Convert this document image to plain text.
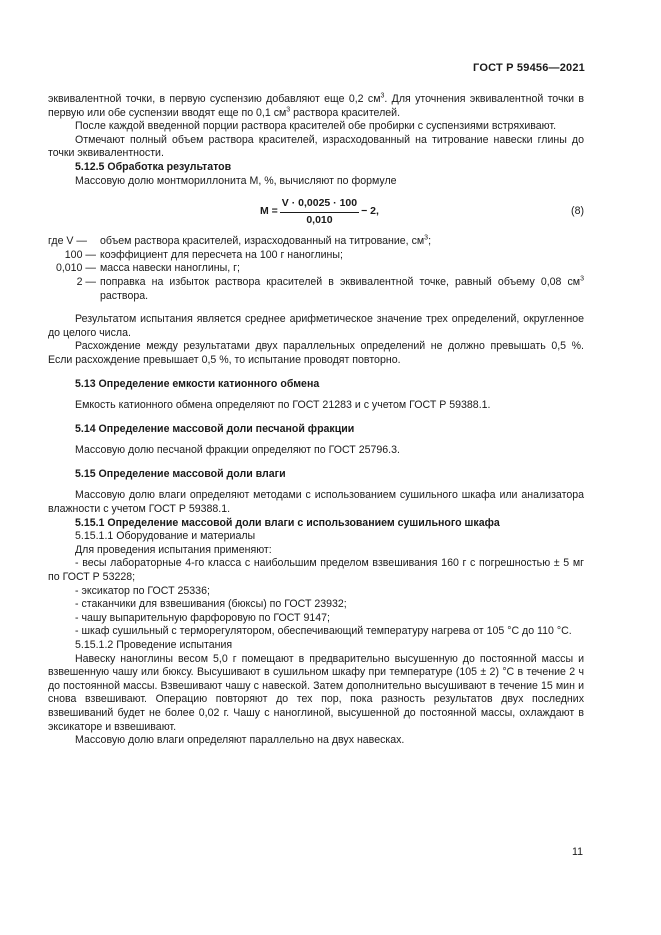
ГОСТ Р 59456—2021

эквивалентной точки, в первую суспензию добавляют еще 0,2 $см^3$. Для уточнения эквивалентной точки в первую или обе суспензии вводят еще по 0,1 $см^3$ раствора красителей.

После каждой введенной порции раствора красителей обе пробирки с суспензиями встряхивают.

Отмечают полный объем раствора красителей, израсходованный на титрование навески глины до точки эквивалентности.

5.12.5 Обработка результатов

Массовую долю монтмориллонита М, %, вычисляют по формуле

$М = \frac{V \cdot 0,0025 \cdot 100}{0,010} - 2$,	(8)
где V —	объем раствора красителей, израсходованный на титрование, $см^3$;
100 — коэффициент для пересчета на 100 г наноглины;
0,010 — масса навески наноглины, г;
2 — поправка на избыток раствора красителей в эквивалентной точке, равный объему 0,08 $см^3$ раствора.

Результатом испытания является среднее арифметическое значение трех определений, округленное до целого числа.

Расхождение между результатами двух параллельных определений не должно превышать 0,5 %. Если расхождение превышает 0,5 %, то испытание проводят повторно.

5.13 Определение емкости катионного обмена

Емкость катионного обмена определяют по ГОСТ 21283 и с учетом ГОСТ Р 59388.1.

5.14 Определение массовой доли песчаной фракции

Массовую долю песчаной фракции определяют по ГОСТ 25796.3.

5.15 Определение массовой доли влаги

Массовую долю влаги определяют методами с использованием сушильного шкафа или анализатора влажности с учетом ГОСТ Р 59388.1.

5.15.1 Определение массовой доли влаги с использованием сушильного шкафа

5.15.1.1 Оборудование и материалы

Для проведения испытания применяют:

- весы лабораторные 4-го класса с наибольшим пределом взвешивания 160 г с погрешностью ± 5 мг по ГОСТ Р 53228;

- эксикатор по ГОСТ 25336;

- стаканчики для взвешивания (бюксы) по ГОСТ 23932;

- чашу выпарительную фарфоровую по ГОСТ 9147;

- шкаф сушильный с терморегулятором, обеспечивающий температуру нагрева от 105 °С до 110 °С.

5.15.1.2 Проведение испытания

Навеску наноглины весом 5,0 г помещают в предварительно высушенную до постоянной массы и взвешенную чашу или бюксу. Высушивают в сушильном шкафу при температуре (105 ± 2) °С в течение 2 ч до постоянной массы. Взвешивают чашу с навеской. Затем дополнительно высушивают в течение 15 мин и снова взвешивают. Операцию повторяют до тех пор, пока разность результатов двух последних взвешиваний будет не более 0,02 г. Чашу с наноглиной, высушенной до постоянной массы, охлаждают в эксикаторе и взвешивают.

Массовую долю влаги определяют параллельно на двух навесках.

11
